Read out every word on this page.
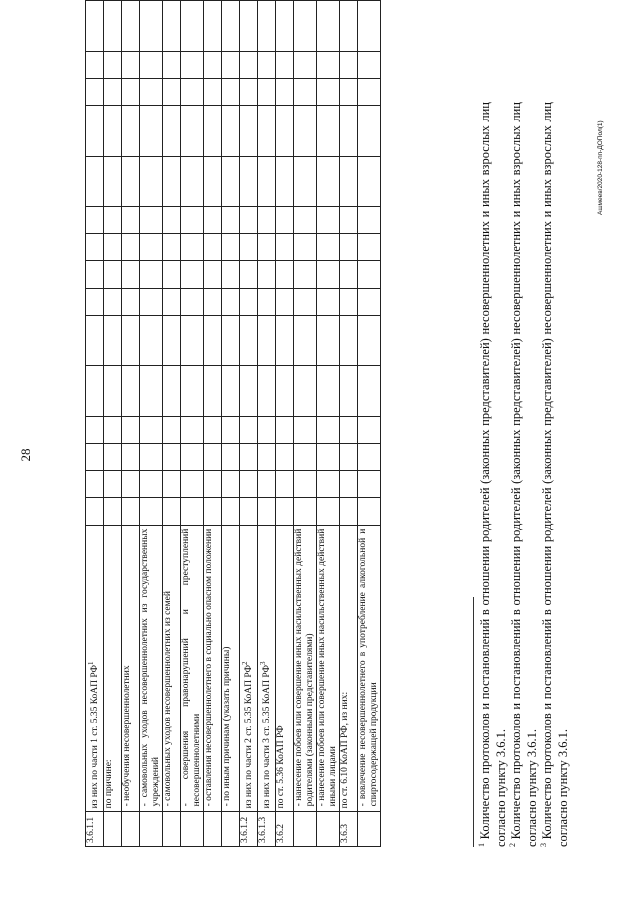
28
3.6.1.1	из них по части 1 ст. 5.35 КоАП $РФ^1$															
	по причине:															
	- необучения несовершеннолетних															
	- самовольных уходов несовершеннолетних из государственных учреждений															
	- самовольных уходов несовершеннолетних из семей															
	- совершения правонарушений и преступлений несовершеннолетними															
	- оставления несовершеннолетнего в социально опасном положении															
	- по иным причинам (указать причины)															
3.6.1.2	из них по части 2 ст. 5.35 КоАП $РФ^2$															
3.6.1.3	из них по части 3 ст. 5.35 КоАП $РФ^3$															
3.6.2	по ст. 5.36 КоАП РФ															
	- нанесение побоев или совершение иных насильственных действий родителями (законными представителями)															
	- нанесение побоев или совершение иных насильственных действий иными лицами															
3.6.3	по ст. 6.10 КоАП РФ, из них:															
	- вовлечение несовершеннолетнего в употребление алкогольной и спиртосодержащей продукции															
$^1$ Количество протоколов и постановлений в отношении родителей (законных представителей) несовершеннолетних и иных взрослых лиц согласно пункту 3.6.1. $^2$ Количество протоколов и постановлений в отношении родителей (законных представителей) несовершеннолетних и иных взрослых лиц согласно пункту 3.6.1. $^3$ Количество протоколов и постановлений в отношении родителей (законных представителей) несовершеннолетних и иных взрослых лиц согласно пункту 3.6.1.
Ашмеев/2020-128-пп-ДОПол(1)
